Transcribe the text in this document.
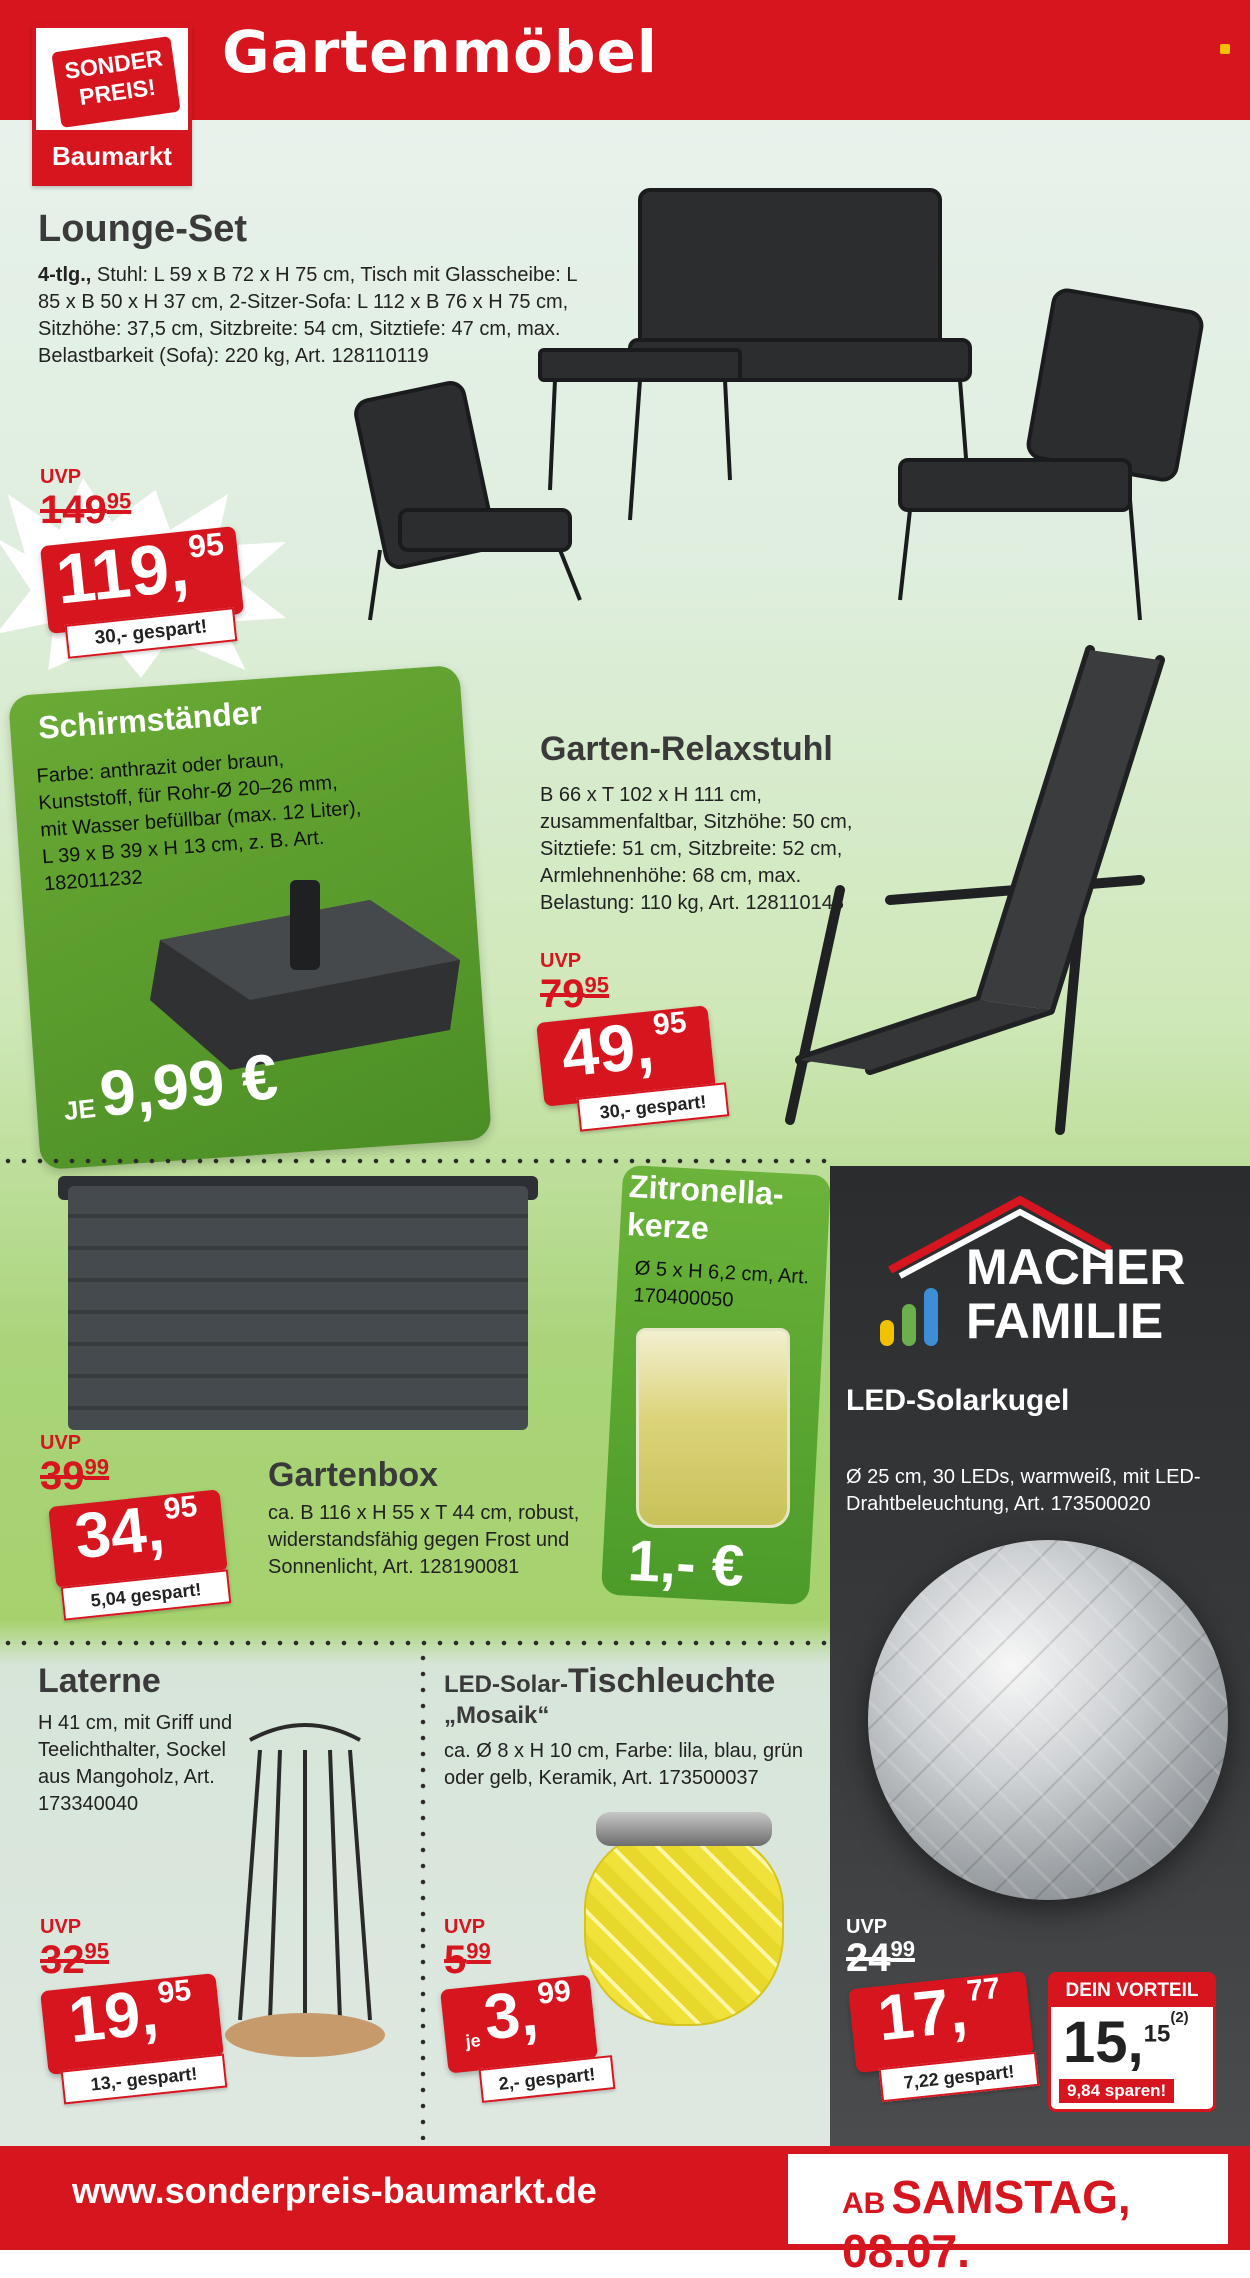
Gartenmöbel
SONDER
PREIS!
Baumarkt
Lounge-Set
4-tlg., Stuhl: L 59 x B 72 x H 75 cm, Tisch mit Glasscheibe: L 85 x B 50 x H 37 cm, 2-Sitzer-Sofa: L 112 x B 76 x H 75 cm, Sitzhöhe: 37,5 cm, Sitzbreite: 54 cm, Sitztiefe: 47 cm, max. Belastbarkeit (Sofa): 220 kg, Art. 128110119
UVP
$149^{95}$
119,
95
30,- gespart!
Schirmständer
Farbe: anthrazit oder braun, Kunststoff, für Rohr-Ø 20–26 mm, mit Wasser befüllbar (max. 12 Liter), L 39 x B 39 x H 13 cm, z. B. Art. 182011232
JE9,99 €
Garten-Relaxstuhl
B 66 x T 102 x H 111 cm, zusammenfaltbar, Sitzhöhe: 50 cm, Sitztiefe: 51 cm, Sitzbreite: 52 cm, Armlehnenhöhe: 68 cm, max. Belastung: 110 kg, Art. 128110143
UVP
$79^{95}$
49,
95
30,- gespart!
Gartenbox
ca. B 116 x H 55 x T 44 cm, robust, widerstandsfähig gegen Frost und Sonnenlicht, Art. 128190081
UVP
$39^{99}$
34,
95
5,04 gespart!
Zitronella-kerze
Ø 5 x H 6,2 cm, Art. 170400050
1,- €
MACHER
FAMILIE
LED-Solarkugel
Ø 25 cm, 30 LEDs, warmweiß, mit LED-Drahtbeleuchtung, Art. 173500020
UVP
$24^{99}$
17,
77
7,22 gespart!
DEIN VORTEIL
15,$^{15(2)}$
9,84 sparen!
Laterne
H 41 cm, mit Griff und Teelichthalter, Sockel aus Mangoholz, Art. 173340040
UVP
$32^{95}$
19,
95
13,- gespart!
LED-Solar-Tischleuchte
„Mosaik“
ca. Ø 8 x H 10 cm, Farbe: lila, blau, grün oder gelb, Keramik, Art. 173500037
UVP
$5^{99}$
je
3,
99
2,- gespart!
www.sonderpreis-baumarkt.de	AB SAMSTAG, 08.07.
